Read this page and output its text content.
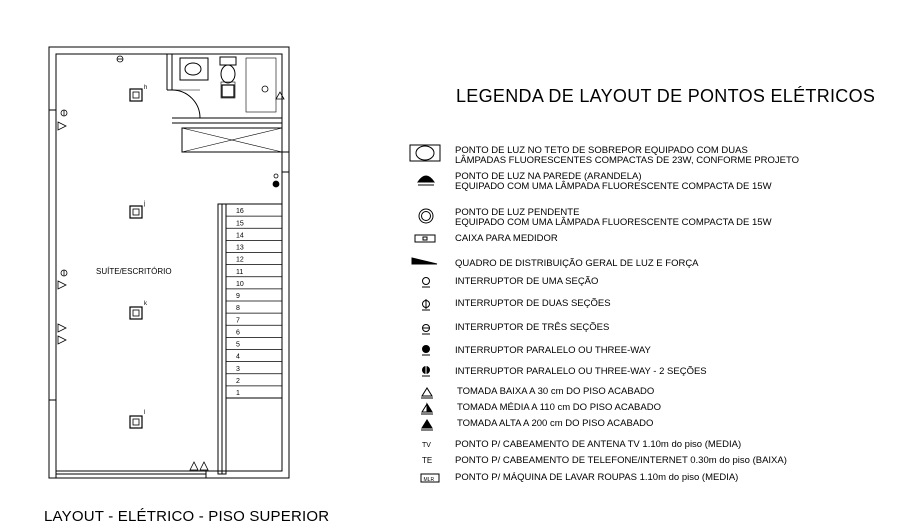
16
15
14
13
12
11
10
9
8
7
6
5
4
3
2
1
h
j
k
l
SUÍTE/ESCRITÓRIO
LAYOUT - ELÉTRICO - PISO SUPERIOR
LEGENDA DE LAYOUT DE PONTOS ELÉTRICOS
TV
TE
MLR
PONTO DE LUZ NO TETO DE SOBREPOR EQUIPADO COM DUAS
LÂMPADAS FLUORESCENTES COMPACTAS DE 23W, CONFORME PROJETO
PONTO DE LUZ NA PAREDE (ARANDELA)
EQUIPADO COM UMA LÂMPADA FLUORESCENTE COMPACTA DE 15W
PONTO DE LUZ PENDENTE
EQUIPADO COM UMA LÂMPADA FLUORESCENTE COMPACTA DE 15W
CAIXA PARA MEDIDOR
QUADRO DE DISTRIBUIÇÃO GERAL DE LUZ E FORÇA
INTERRUPTOR DE UMA SEÇÃO
INTERRUPTOR DE DUAS SEÇÕES
INTERRUPTOR DE TRÊS SEÇÕES
INTERRUPTOR PARALELO OU THREE-WAY
INTERRUPTOR PARALELO OU THREE-WAY - 2 SEÇÕES
TOMADA BAIXA A 30 cm DO PISO ACABADO
TOMADA MÉDIA A 110 cm DO PISO ACABADO
TOMADA ALTA A 200 cm DO PISO ACABADO
PONTO P/ CABEAMENTO DE ANTENA TV 1.10m do piso (MEDIA)
PONTO P/ CABEAMENTO DE TELEFONE/INTERNET 0.30m do piso (BAIXA)
PONTO P/ MÁQUINA DE LAVAR ROUPAS 1.10m do piso (MEDIA)
